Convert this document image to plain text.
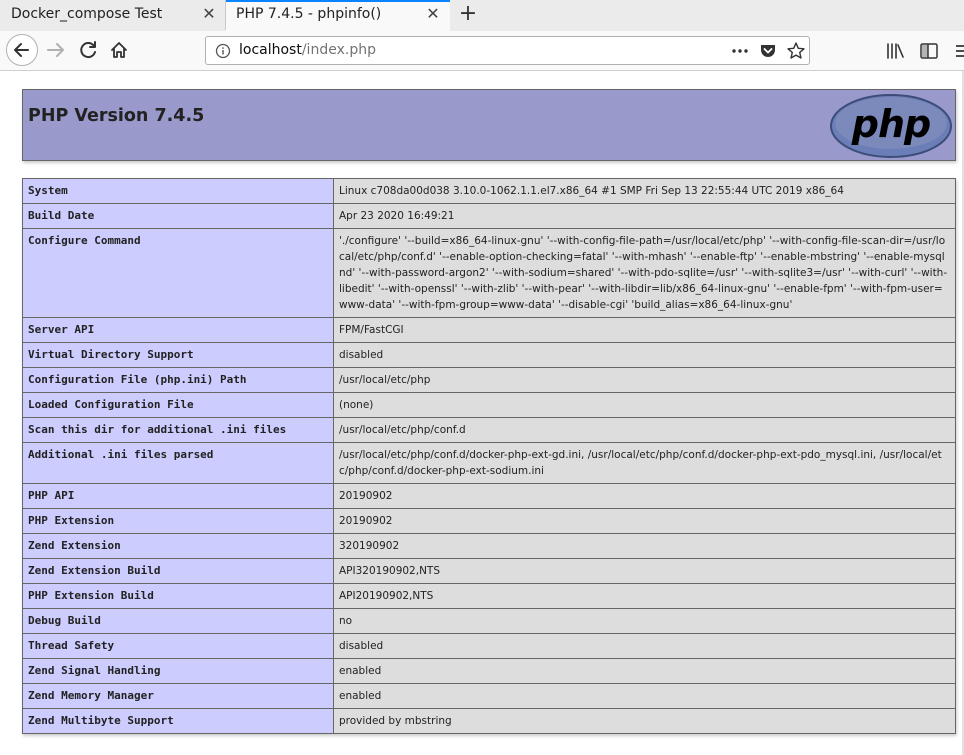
Docker_compose Test ✕ PHP 7.4.5 - phpinfo()	✕ +
localhost/index.php
PHP Version 7.4.5	php
System	Linux c708da00d038 3.10.0-1062.1.1.el7.x86_64 #1 SMP Fri Sep 13 22:55:44 UTC 2019 x86_64
Build Date	Apr 23 2020 16:49:21
Configure Command	'./configure' '--build=x86_64-linux-gnu' '--with-config-file-path=/usr/local/etc/php' '--with-config-file-scan-dir=/usr/local/etc/php/conf.d' '--enable-option-checking=fatal' '--with-mhash' '--enable-ftp' '--enable-mbstring' '--enable-mysqlnd' '--with-password-argon2' '--with-sodium=shared' '--with-pdo-sqlite=/usr' '--with-sqlite3=/usr' '--with-curl' '--with-libedit' '--with-openssl' '--with-zlib' '--with-pear' '--with-libdir=lib/x86_64-linux-gnu' '--enable-fpm' '--with-fpm-user=www-data' '--with-fpm-group=www-data' '--disable-cgi' 'build_alias=x86_64-linux-gnu'
Server API	FPM/FastCGI
Virtual Directory Support	disabled
Configuration File (php.ini) Path	/usr/local/etc/php
Loaded Configuration File	(none)
Scan this dir for additional .ini files	/usr/local/etc/php/conf.d
Additional .ini files parsed	/usr/local/etc/php/conf.d/docker-php-ext-gd.ini, /usr/local/etc/php/conf.d/docker-php-ext-pdo_mysql.ini, /usr/local/etc/php/conf.d/docker-php-ext-sodium.ini
PHP API	20190902
PHP Extension	20190902
Zend Extension	320190902
Zend Extension Build	API320190902,NTS
PHP Extension Build	API20190902,NTS
Debug Build	no
Thread Safety	disabled
Zend Signal Handling	enabled
Zend Memory Manager	enabled
Zend Multibyte Support	provided by mbstring
